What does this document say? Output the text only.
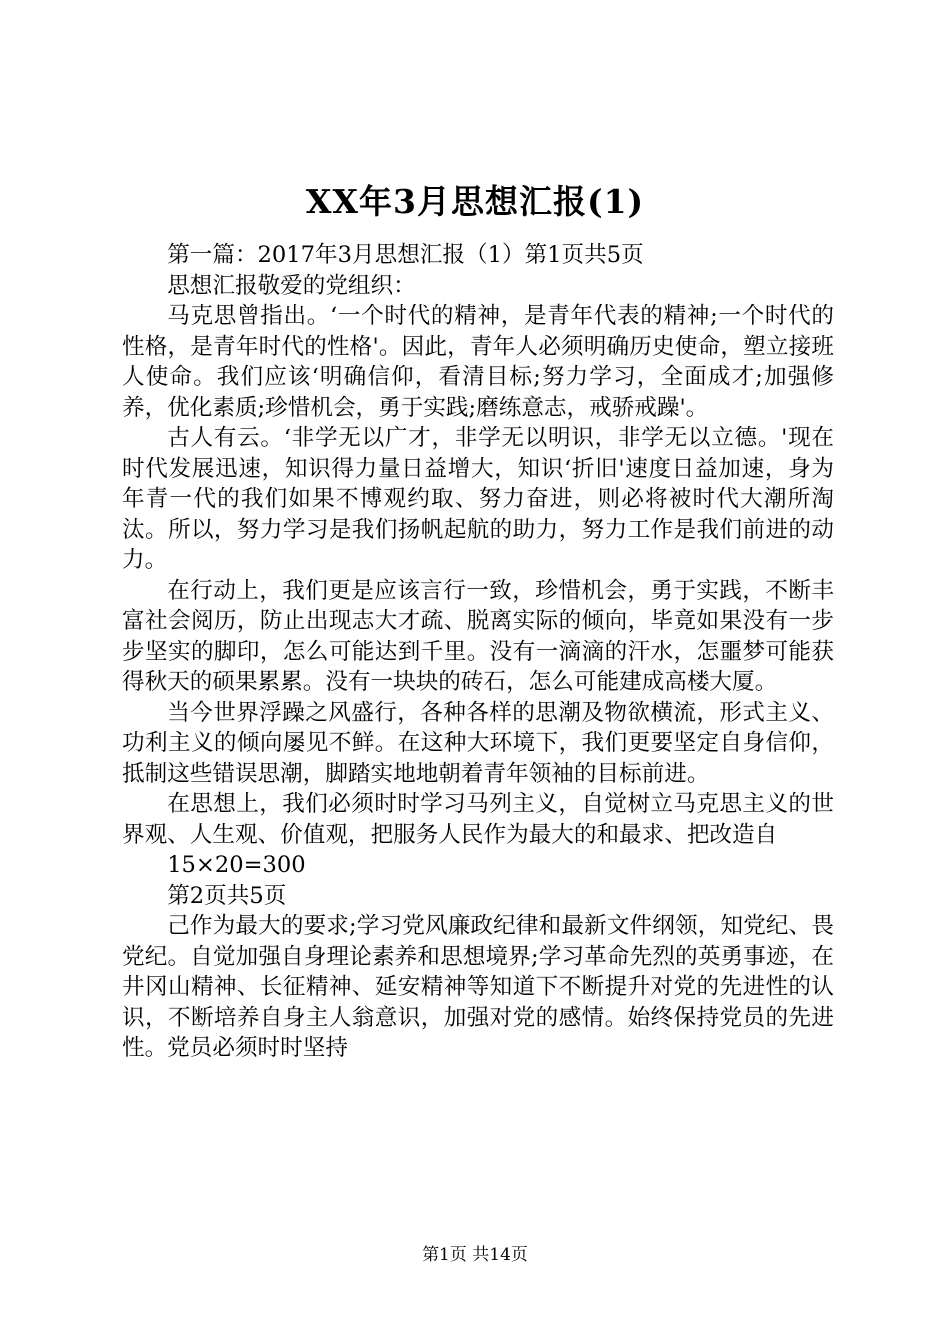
XX年3月思想汇报(1)

第一篇：2017年3月思想汇报（1）第1页共5页

思想汇报敬爱的党组织：

马克思曾指出。‘一个时代的精神，是青年代表的精神;一个时代的性格，是青年时代的性格'。因此，青年人必须明确历史使命，塑立接班人使命。我们应该‘明确信仰，看清目标;努力学习，全面成才;加强修养，优化素质;珍惜机会，勇于实践;磨练意志，戒骄戒躁'。

古人有云。‘非学无以广才，非学无以明识，非学无以立德。'现在时代发展迅速，知识得力量日益增大，知识‘折旧'速度日益加速，身为年青一代的我们如果不博观约取、努力奋进，则必将被时代大潮所淘汰。所以，努力学习是我们扬帆起航的助力，努力工作是我们前进的动力。

在行动上，我们更是应该言行一致，珍惜机会，勇于实践，不断丰富社会阅历，防止出现志大才疏、脱离实际的倾向，毕竟如果没有一步步坚实的脚印，怎么可能达到千里。没有一滴滴的汗水，怎噩梦可能获得秋天的硕果累累。没有一块块的砖石，怎么可能建成高楼大厦。

当今世界浮躁之风盛行，各种各样的思潮及物欲横流，形式主义、功利主义的倾向屡见不鲜。在这种大环境下，我们更要坚定自身信仰，抵制这些错误思潮，脚踏实地地朝着青年领袖的目标前进。

在思想上，我们必须时时学习马列主义，自觉树立马克思主义的世界观、人生观、价值观，把服务人民作为最大的和最求、把改造自

15×20=300

第2页共5页

己作为最大的要求;学习党风廉政纪律和最新文件纲领，知党纪、畏党纪。自觉加强自身理论素养和思想境界;学习革命先烈的英勇事迹，在井冈山精神、长征精神、延安精神等知道下不断提升对党的先进性的认识，不断培养自身主人翁意识，加强对党的感情。始终保持党员的先进性。党员必须时时坚持

第1页 共14页
